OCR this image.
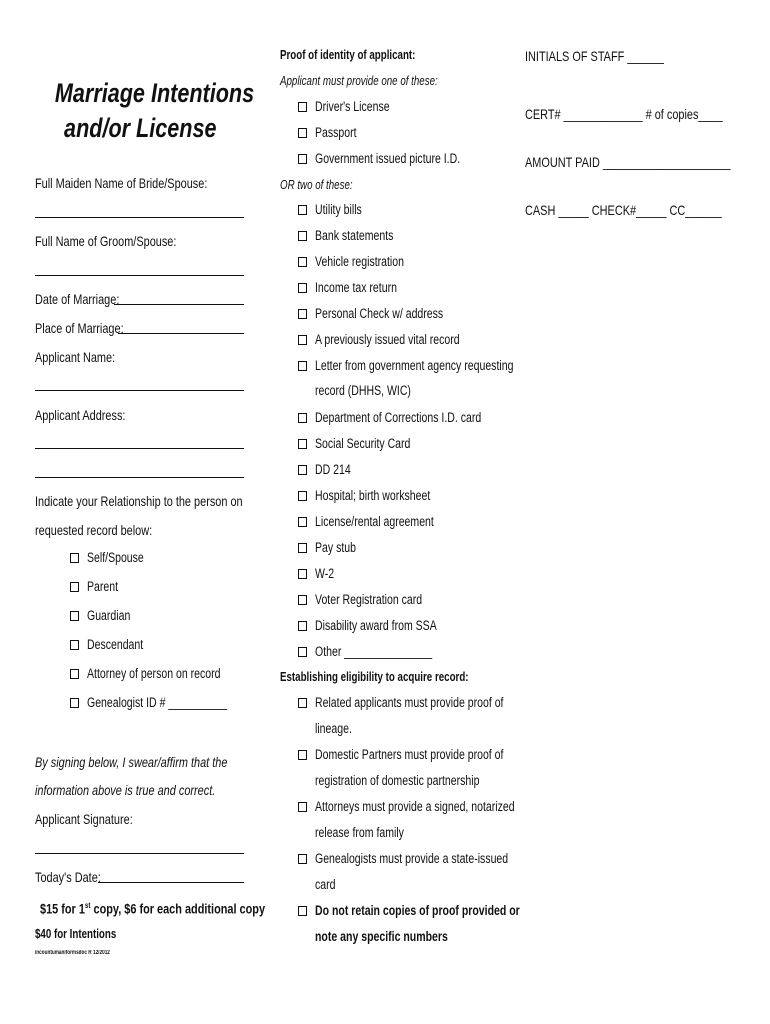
Marriage Intentions
and/or License
Full Maiden Name of Bride/Spouse:
Full Name of Groom/Spouse:
Date of Marriage:
Place of Marriage:
Applicant Name:
Applicant Address:
Indicate your Relationship to the person on
requested record below:
Self/Spouse
Parent
Guardian
Descendant
Attorney of person on record
Genealogist ID # __________
By signing below, I swear/affirm that the
information above is true and correct.
Applicant Signature:
Today's Date:
$15 for 1st copy, $6 for each additional copy
$40 for Intentions
incountumaniformsdoc R 12/2012
Proof of identity of applicant:
Applicant must provide one of these:
Driver's License
Passport
Government issued picture I.D.
OR two of these:
Utility bills
Bank statements
Vehicle registration
Income tax return
Personal Check w/ address
A previously issued vital record
Letter from government agency requesting
Department of Corrections I.D. card
Social Security Card
DD 214
Hospital; birth worksheet
License/rental agreement
Pay stub
W-2
Voter Registration card
Disability award from SSA
Other _______________
record (DHHS, WIC)
Establishing eligibility to acquire record:
Related applicants must provide proof of
lineage.
Domestic Partners must provide proof of
registration of domestic partnership
Attorneys must provide a signed, notarized
release from family
Genealogists must provide a state-issued
card
Do not retain copies of proof provided or
note any specific numbers
INITIALS OF STAFF ______
CERT# _____________ # of copies____
AMOUNT PAID _____________________
CASH _____ CHECK#_____ CC______
